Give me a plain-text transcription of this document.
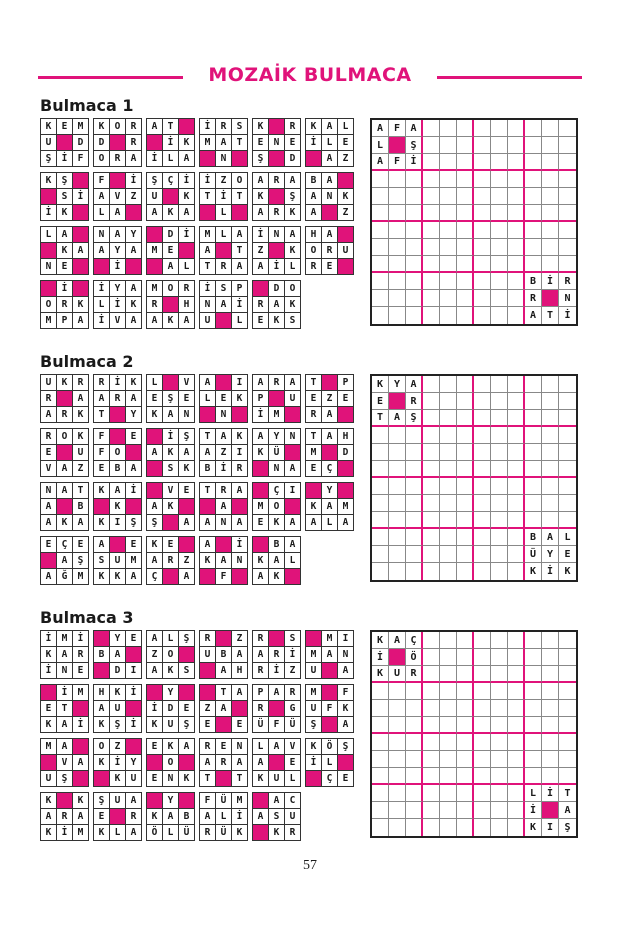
MOZAİK BULMACA
Bulmaca 1
K	E	M
U	D
Ş	İ	F
K	O	R
D	R
O	R	A
A	T
İ	K
İ	L	A
İ	R	S
M	A	T
N
K	R
E	N	E
Ş	D
K	A	L
İ	L	E
A	Z
K	Ş
S	İ
İ	K
F	İ
A	V	Z
L	A
Ş	Ç	İ
U	K
A	K	A
İ	Z	O
T	İ	T
L
A	R	A
K	Ş
A	R	K
B	A
A	N	K
A	Z
L	A
K	A
N	E
N	A	Y
A	Y	A
İ
D	İ
M	E
A	L
M	L	A
A	T
T	R	A
İ	N	A
Z	K
A	İ	L
H	A
O	R	U
R	E
İ
O	R	K
M	P	A
İ	Y	A
L	İ	K
İ	V	A
M	O	R
R	H
A	K	A
İ	S	P
N	A	İ
U	L
D	O
R	A	K
E	K	S
A	F	A
L	Ş
A	F	İ
B	İ	R
R	N
A	T	İ
Bulmaca 2
U	K	R
R	A
A	R	K
R	İ	K
A	R	A
T	Y
L	V
E	Ş	E
K	A	N
A	I
L	E	K
N
A	R	A
P	U
İ	M
T	P
E	Z	E
R	A
R	O	K
E	U
V	A	Z
F	E
F	O
E	B	A
İ	Ş
A	K	A
S	K
T	A	K
A	Z	I
B	İ	R
A	Y	N
K	Ü
N	A
T	A	H
M	D
E	Ç
N	A	T
A	B
A	K	A
K	A	İ
K
K	I	Ş
V	E
A	K
Ş	A
T	R	A
A
A	N	A
Ç	I
M	O
E	K	A
Y
K	A	M
A	L	A
E	Ç	E
A	Ş
A	Ğ	M
A	E
S	U	M
K	K	A
K	E
A	R	Z
Ç	A
A	İ
K	A	N
F
B	A
K	A	L
A	K
K	Y	A
E	R
T	A	Ş
B	A	L
Ü	Y	E
K	İ	K
Bulmaca 3
İ	M	İ
K	A	R
İ	N	E
Y	E
B	A
D	I
A	L	Ş
Z	O
A	K	S
R	Z
U	B	A
A	H
R	S
A	R	İ
R	İ	Z
M	I
M	A	N
U	A
İ	M
E	T
K	A	İ
H	K	İ
A	U
K	Ş	İ
Y
İ	D	E
K	U	Ş
T	A
Z	A
E	E
P	A	R
R	G
Ü	F	Ü
M	F
U	F	K
Ş	A
M	A
V	A
U	Ş
O	Z
K	İ	Y
K	U
E	K	A
O
E	N	K
R	E	N
A	R	A
T	T
L	A	V
A	E
K	U	L
K	Ö	Ş
İ	L
Ç	E
K	K
A	R	A
K	İ	M
Ş	U	A
E	R
K	L	A
Y
K	A	B
Ö	L	Ü
F	Ü	M
A	L	İ
R	Ü	K
A	C
A	S	U
K	R
K	A	Ç
İ	Ö
K	U	R
L	İ	T
İ	A
K	I	Ş
57
